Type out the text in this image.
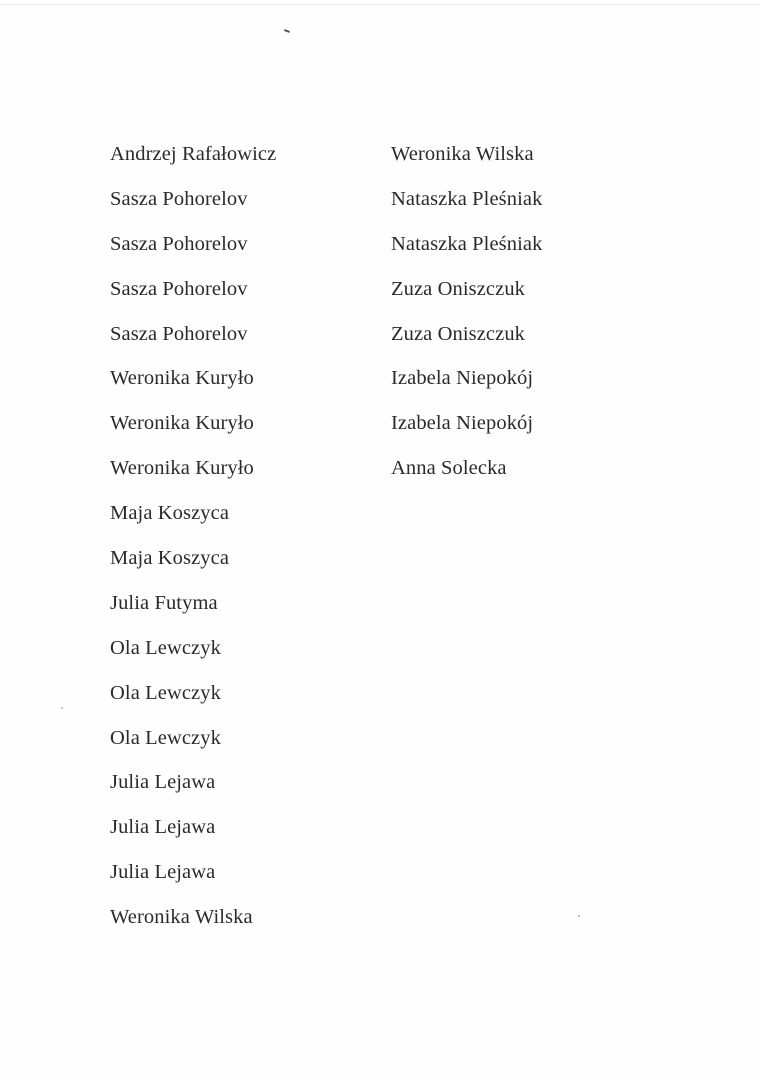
Andrzej Rafałowicz
Sasza Pohorelov
Sasza Pohorelov
Sasza Pohorelov
Sasza Pohorelov
Weronika Kuryło
Weronika Kuryło
Weronika Kuryło
Maja Koszyca
Maja Koszyca
Julia Futyma
Ola Lewczyk
Ola Lewczyk
Ola Lewczyk
Julia Lejawa
Julia Lejawa
Julia Lejawa
Weronika Wilska
Weronika Wilska
Nataszka Pleśniak
Nataszka Pleśniak
Zuza Oniszczuk
Zuza Oniszczuk
Izabela Niepokój
Izabela Niepokój
Anna Solecka
